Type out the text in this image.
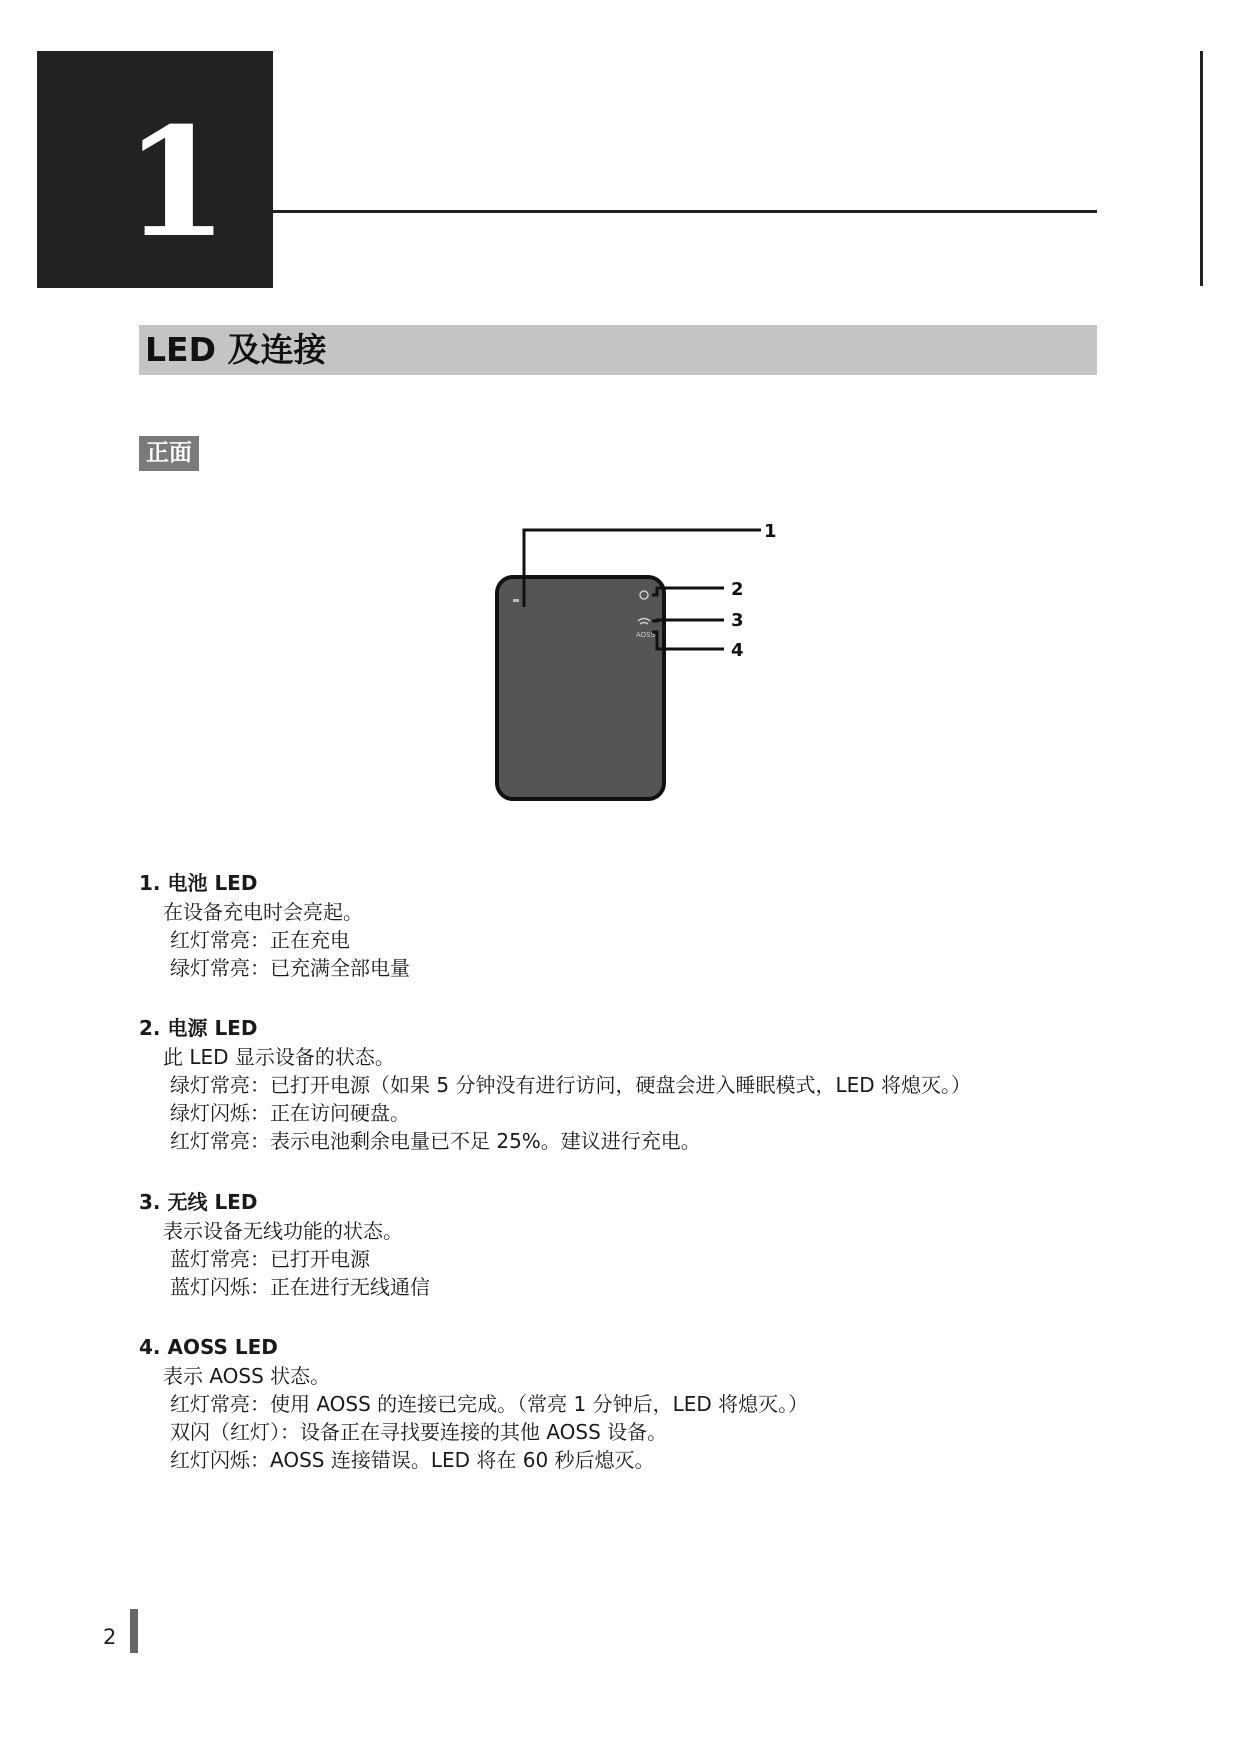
1
LED 及连接
正面
AOSS
1
2
3
4

1. 电池 LED

在设备充电时会亮起。

红灯常亮：正在充电

绿灯常亮：已充满全部电量

2. 电源 LED

此 LED 显示设备的状态。

绿灯常亮：已打开电源（如果 5 分钟没有进行访问，硬盘会进入睡眠模式，LED 将熄灭。）

绿灯闪烁：正在访问硬盘。

红灯常亮：表示电池剩余电量已不足 25%。建议进行充电。

3. 无线 LED

表示设备无线功能的状态。

蓝灯常亮：已打开电源

蓝灯闪烁：正在进行无线通信

4. AOSS LED

表示 AOSS 状态。

红灯常亮：使用 AOSS 的连接已完成。（常亮 1 分钟后，LED 将熄灭。）

双闪（红灯）：设备正在寻找要连接的其他 AOSS 设备。

红灯闪烁：AOSS 连接错误。LED 将在 60 秒后熄灭。

2
